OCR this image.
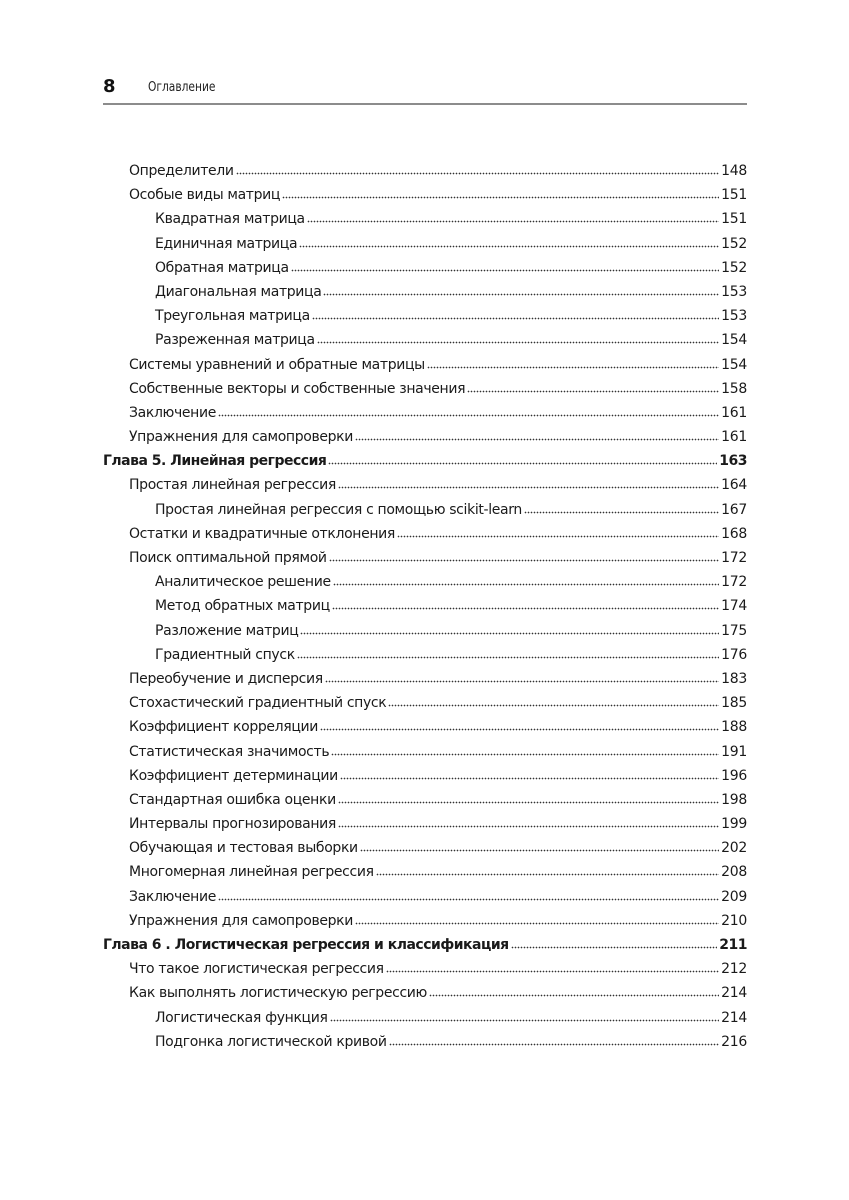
8 Оглавление
Определители	148
Особые виды матриц	151
Квадратная матрица	151
Единичная матрица	152
Обратная матрица	152
Диагональная матрица	153
Треугольная матрица	153
Разреженная матрица	154
Системы уравнений и обратные матрицы	154
Собственные векторы и собственные значения	158
Заключение	161
Упражнения для самопроверки	161
Глава 5. Линейная регрессия	163
Простая линейная регрессия	164
Простая линейная регрессия с помощью scikit-learn	167
Остатки и квадратичные отклонения	168
Поиск оптимальной прямой	172
Аналитическое решение	172
Метод обратных матриц	174
Разложение матриц	175
Градиентный спуск	176
Переобучение и дисперсия	183
Стохастический градиентный спуск	185
Коэффициент корреляции	188
Статистическая значимость	191
Коэффициент детерминации	196
Стандартная ошибка оценки	198
Интервалы прогнозирования	199
Обучающая и тестовая выборки	202
Многомерная линейная регрессия	208
Заключение	209
Упражнения для самопроверки	210
Глава 6 . Логистическая регрессия и классификация	211
Что такое логистическая регрессия	212
Как выполнять логистическую регрессию	214
Логистическая функция	214
Подгонка логистической кривой	216
